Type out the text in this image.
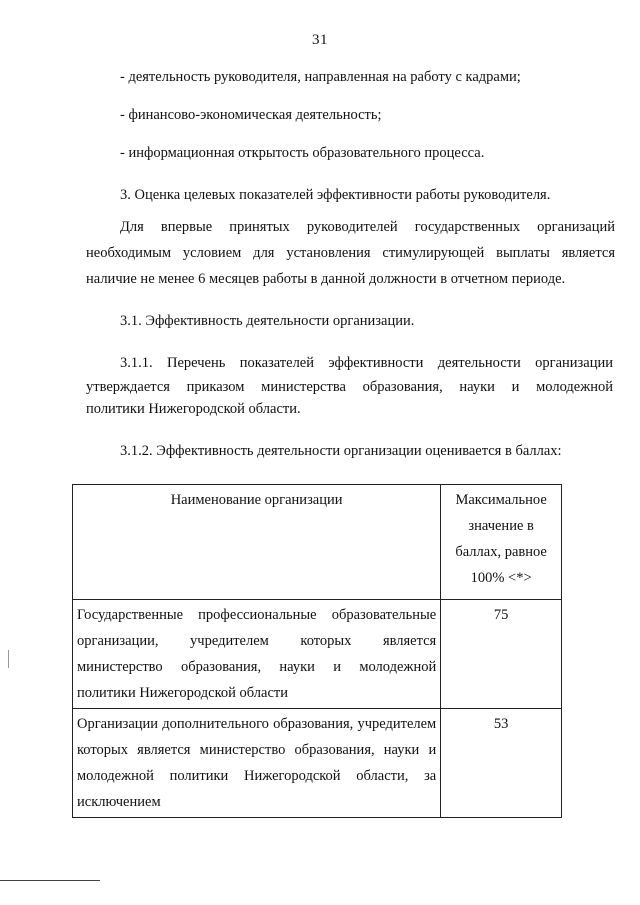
31
- деятельность руководителя, направленная на работу с кадрами;
- финансово-экономическая деятельность;
- информационная открытость образовательного процесса.
3. Оценка целевых показателей эффективности работы руководителя.
Для впервые принятых руководителей государственных организаций
необходимым условием для установления стимулирующей выплаты является
наличие не менее 6 месяцев работы в данной должности в отчетном периоде.
3.1. Эффективность деятельности организации.
3.1.1. Перечень показателей эффективности деятельности организации
утверждается приказом министерства образования, науки и молодежной
политики Нижегородской области.
3.1.2. Эффективность деятельности организации оценивается в баллах:
Наименование организации	Максимальное значение в баллах, равное 100% <*>
Государственные профессиональные образовательные организации, учредителем которых является министерство образования, науки и молодежной политики Нижегородской области	75
Организации дополнительного образования, учредителем которых является министерство образования, науки и молодежной политики Нижегородской области, за исключением	53
